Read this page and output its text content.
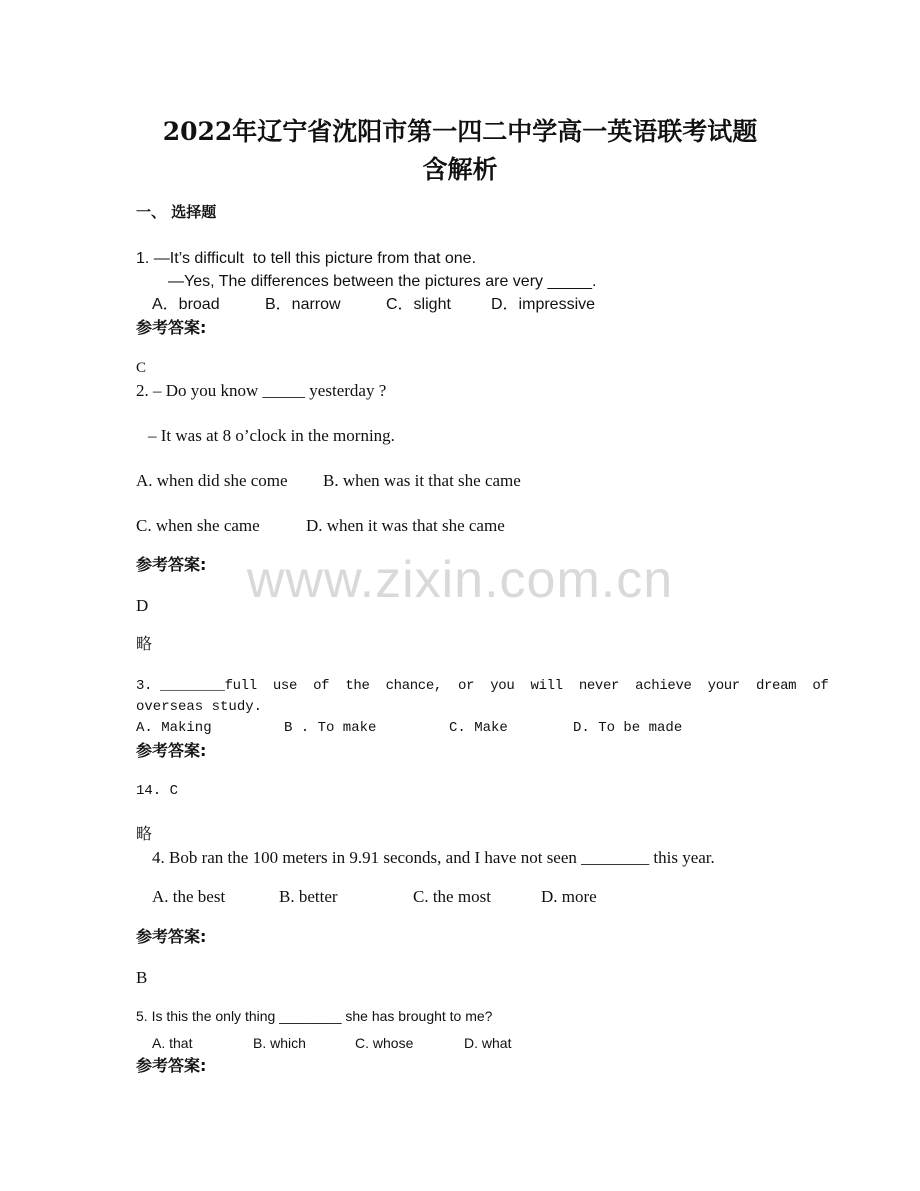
www.zixin.com.cn
2022年辽宁省沈阳市第一四二中学高一英语联考试题
含解析
一、 选择题
1. —It’s difficult  to tell this picture from that one.
—Yes, The differences between the pictures are very _____.
A．broad	B．narrow	C．slight	D．impressive
参考答案:
C
2. – Do you know _____ yesterday ?
– It was at 8 o’clock in the morning.
A. when did she come B. when was it that she came
C. when she came	D. when it was that she came
参考答案:
D
略
3. ________full  use  of  the  chance,  or  you  will  never  achieve  your  dream  of
overseas study.
A. Making	B . To make	C. Make	D. To be made
参考答案:
14. C
略
4. Bob ran the 100 meters in 9.91 seconds, and I have not seen ________ this year.
A. the best	B. better	C. the most	D. more
参考答案:
B
5. Is this the only thing ________ she has brought to me?
A. that	B. which	C. whose	D. what
参考答案:
